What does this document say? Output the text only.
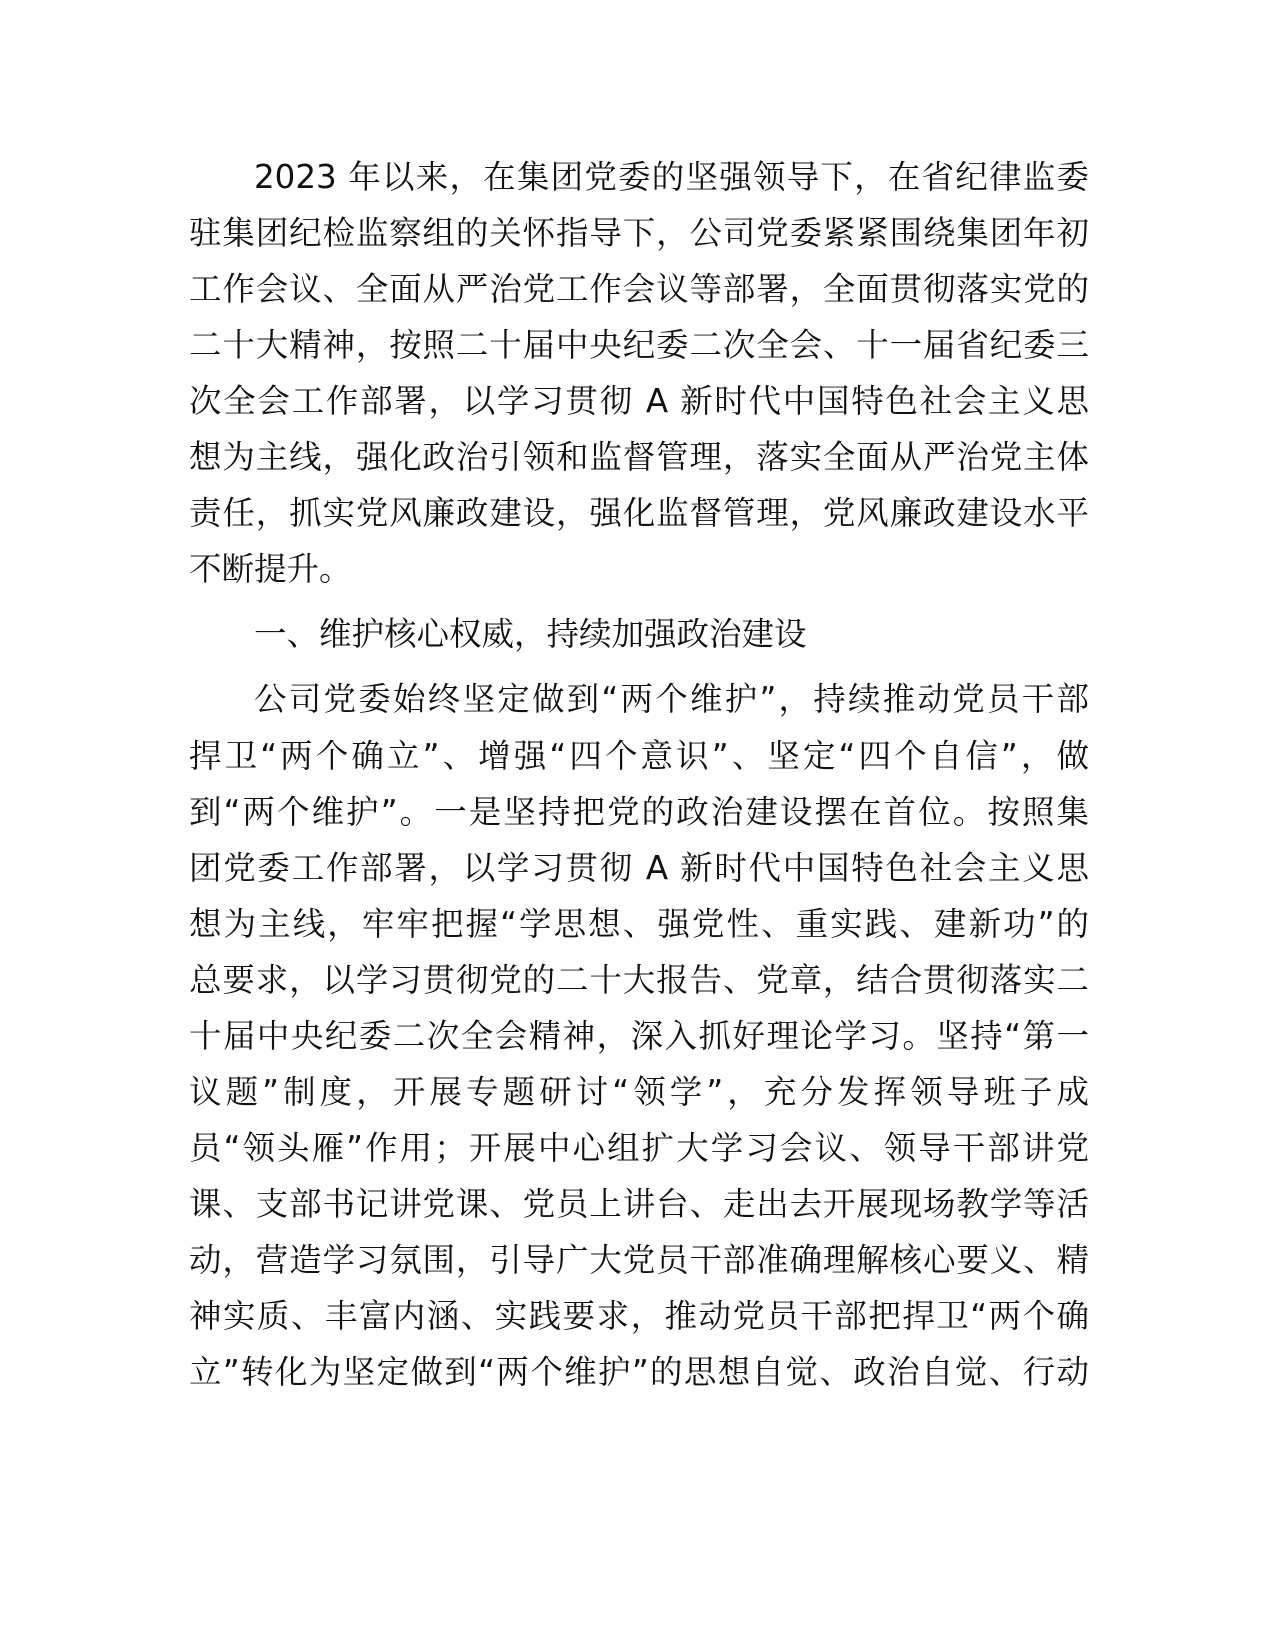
2023 年以来，在集团党委的坚强领导下，在省纪律监委
驻集团纪检监察组的关怀指导下，公司党委紧紧围绕集团年初
工作会议、全面从严治党工作会议等部署，全面贯彻落实党的
二十大精神，按照二十届中央纪委二次全会、十一届省纪委三
次全会工作部署，以学习贯彻 A 新时代中国特色社会主义思
想为主线，强化政治引领和监督管理，落实全面从严治党主体
责任，抓实党风廉政建设，强化监督管理，党风廉政建设水平
不断提升。
一、维护核心权威，持续加强政治建设
公司党委始终坚定做到“两个维护”，持续推动党员干部
捍卫“两个确立”、增强“四个意识”、坚定“四个自信”，做
到“两个维护”。一是坚持把党的政治建设摆在首位。按照集
团党委工作部署，以学习贯彻 A 新时代中国特色社会主义思
想为主线，牢牢把握“学思想、强党性、重实践、建新功”的
总要求，以学习贯彻党的二十大报告、党章，结合贯彻落实二
十届中央纪委二次全会精神，深入抓好理论学习。坚持“第一
议题”制度，开展专题研讨“领学”，充分发挥领导班子成
员“领头雁”作用；开展中心组扩大学习会议、领导干部讲党
课、支部书记讲党课、党员上讲台、走出去开展现场教学等活
动，营造学习氛围，引导广大党员干部准确理解核心要义、精
神实质、丰富内涵、实践要求，推动党员干部把捍卫“两个确
立”转化为坚定做到“两个维护”的思想自觉、政治自觉、行动
